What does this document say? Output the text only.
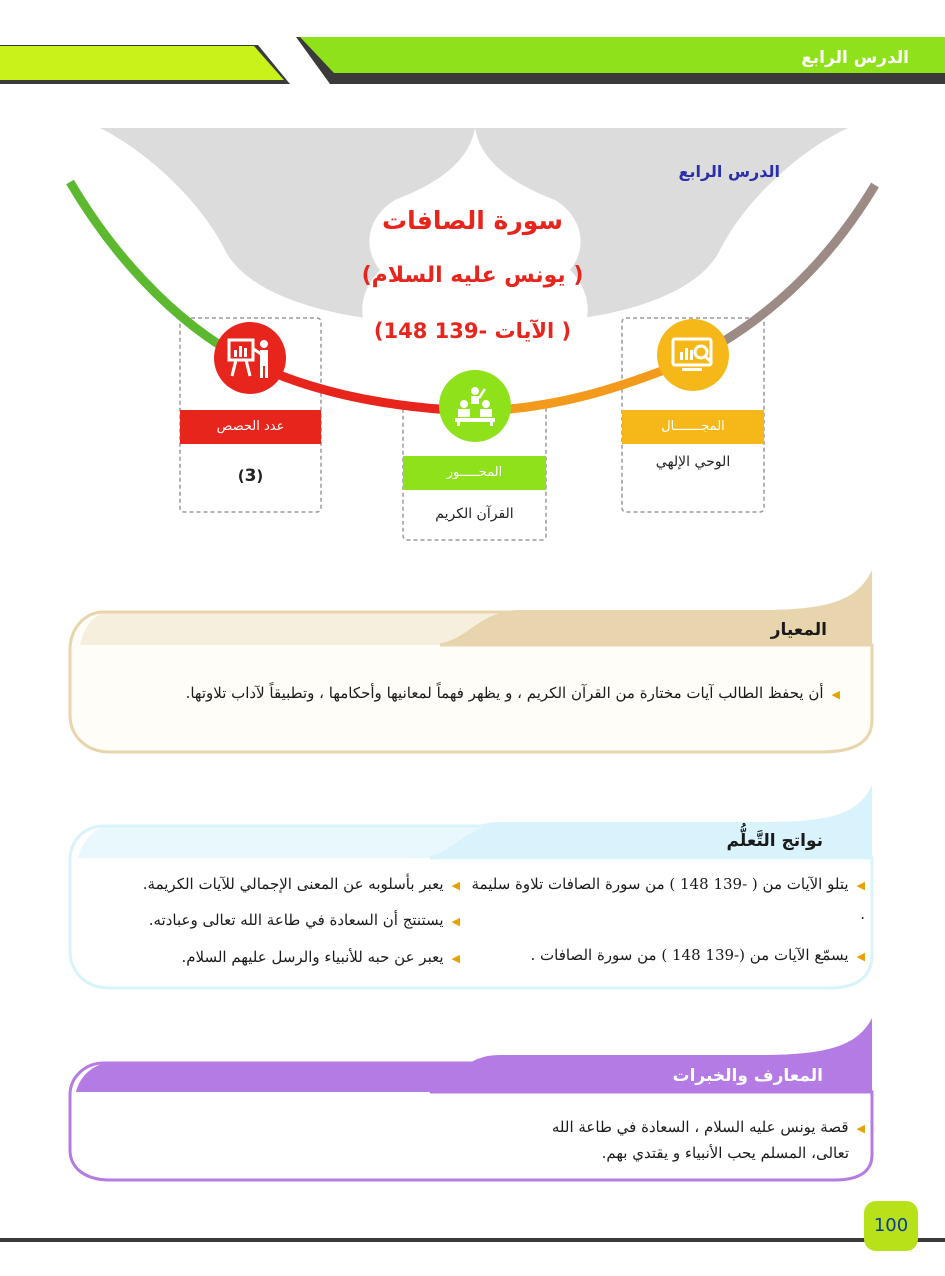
الدرس الرابع
الدرس الرابع
سورة الصافات
( يونس عليه السلام)
( الآيات -139 148)
عدد الحصص
(3)	المحـــــور
القرآن الكريم
المجـــــــال
الوحي الإلهي
المعيار
◀أن يحفظ الطالب آيات مختارة من القرآن الكريم ، و يظهر فهماً لمعانيها وأحكامها ، وتطبيقاً لآداب تلاوتها.
نواتج التَّعلُّم
◀يتلو الآيات من ( -139 148 ) من سورة الصافات تلاوة سليمة .
◀يسمّع الآيات من (-139 148 ) من سورة الصافات .
◀يعبر بأسلوبه عن المعنى الإجمالي للآيات الكريمة.
◀يستنتج أن السعادة في طاعة الله تعالى وعبادته.
◀يعبر عن حبه للأنبياء والرسل عليهم السلام.
المعارف والخبرات
◀قصة يونس عليه السلام ، السعادة في طاعة الله
تعالى، المسلم يحب الأنبياء و يقتدي بهم.
100
